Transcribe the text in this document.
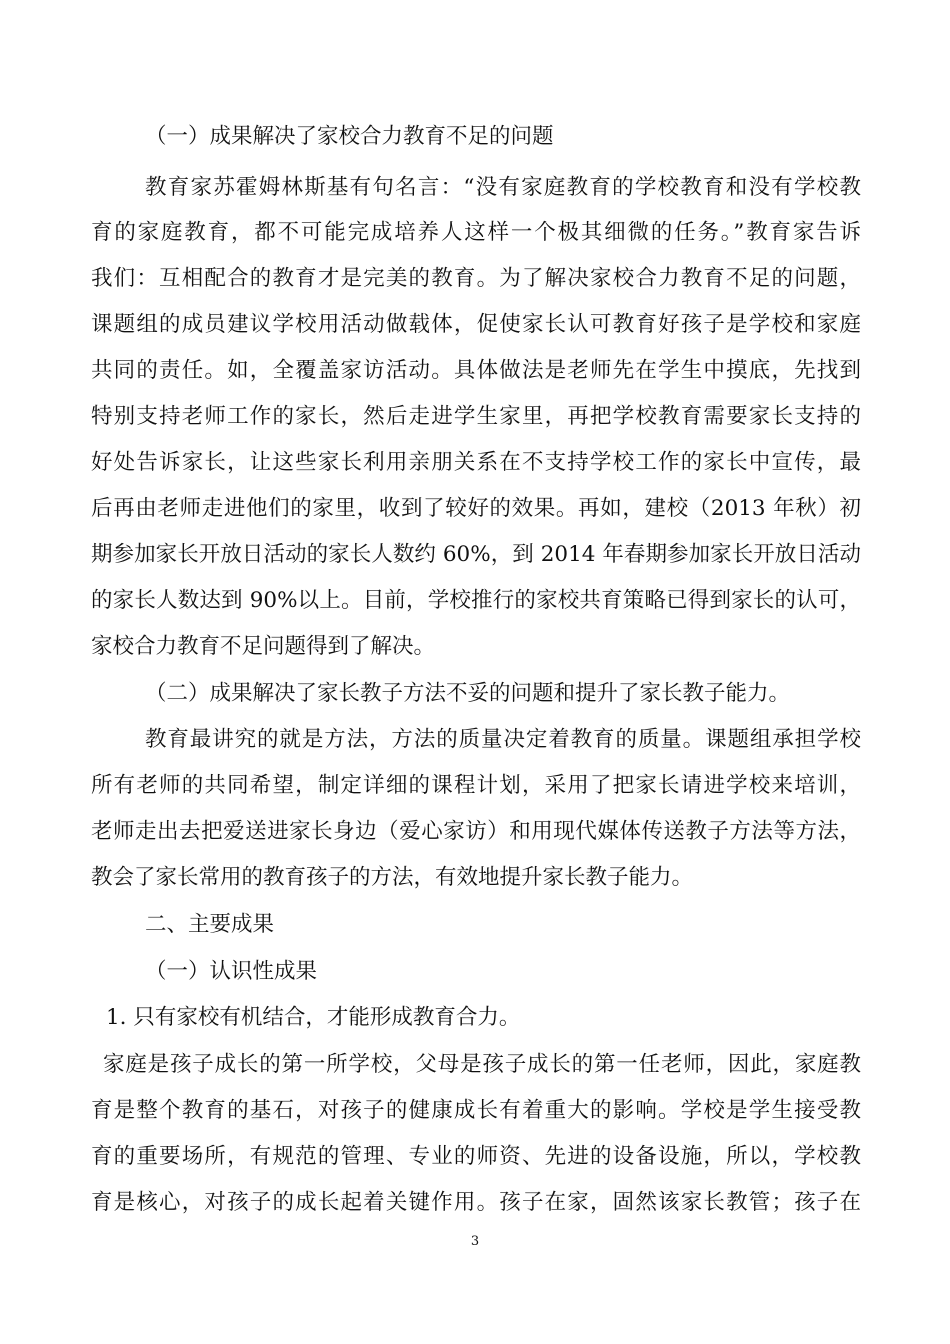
（一）成果解决了家校合力教育不足的问题
教育家苏霍姆林斯基有句名言：“没有家庭教育的学校教育和没有学校教
育的家庭教育，都不可能完成培养人这样一个极其细微的任务。”教育家告诉
我们：互相配合的教育才是完美的教育。为了解决家校合力教育不足的问题，
课题组的成员建议学校用活动做载体，促使家长认可教育好孩子是学校和家庭
共同的责任。如，全覆盖家访活动。具体做法是老师先在学生中摸底，先找到
特别支持老师工作的家长，然后走进学生家里，再把学校教育需要家长支持的
好处告诉家长，让这些家长利用亲朋关系在不支持学校工作的家长中宣传，最
后再由老师走进他们的家里，收到了较好的效果。再如，建校（2013 年秋）初
期参加家长开放日活动的家长人数约 60%，到 2014 年春期参加家长开放日活动
的家长人数达到 90%以上。目前，学校推行的家校共育策略已得到家长的认可，
家校合力教育不足问题得到了解决。
（二）成果解决了家长教子方法不妥的问题和提升了家长教子能力。
教育最讲究的就是方法，方法的质量决定着教育的质量。课题组承担学校
所有老师的共同希望，制定详细的课程计划，采用了把家长请进学校来培训，
老师走出去把爱送进家长身边（爱心家访）和用现代媒体传送教子方法等方法，
教会了家长常用的教育孩子的方法，有效地提升家长教子能力。
二、主要成果
（一）认识性成果
1. 只有家校有机结合，才能形成教育合力。
家庭是孩子成长的第一所学校，父母是孩子成长的第一任老师，因此，家庭教
育是整个教育的基石，对孩子的健康成长有着重大的影响。学校是学生接受教
育的重要场所，有规范的管理、专业的师资、先进的设备设施，所以，学校教
育是核心，对孩子的成长起着关键作用。孩子在家，固然该家长教管；孩子在
3
